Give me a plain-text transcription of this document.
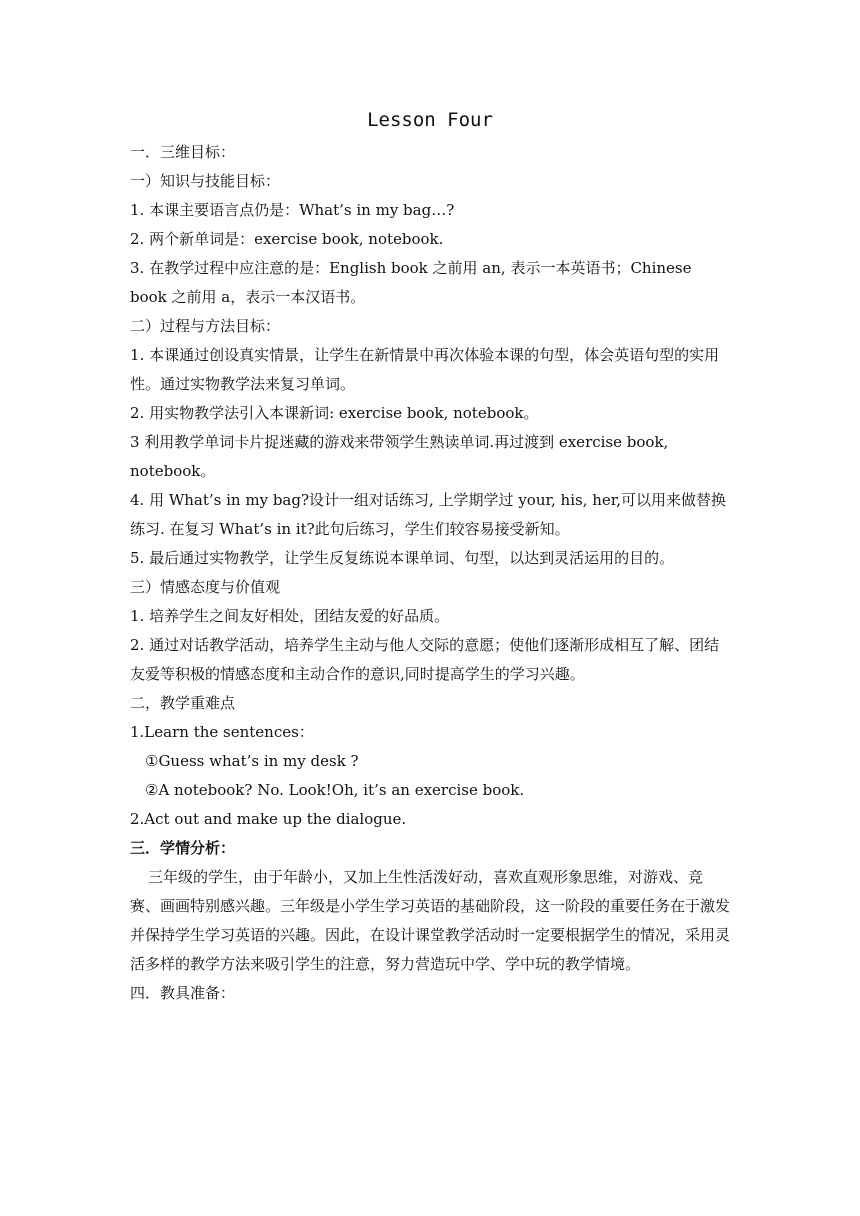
Lesson Four

一．三维目标：

一）知识与技能目标：

1. 本课主要语言点仍是：What’s in my bag…?

2. 两个新单词是：exercise book, notebook.

3. 在教学过程中应注意的是：English book 之前用 an, 表示一本英语书；Chinese book 之前用 a，表示一本汉语书。

二）过程与方法目标：

1. 本课通过创设真实情景，让学生在新情景中再次体验本课的句型，体会英语句型的实用性。通过实物教学法来复习单词。

2. 用实物教学法引入本课新词: exercise book, notebook。

3 利用教学单词卡片捉迷藏的游戏来带领学生熟读单词.再过渡到 exercise book, notebook。

4. 用 What’s in my bag?设计一组对话练习, 上学期学过 your, his, her,可以用来做替换练习. 在复习 What’s in it?此句后练习，学生们较容易接受新知。

5. 最后通过实物教学，让学生反复练说本课单词、句型，以达到灵活运用的目的。

三）情感态度与价值观

1. 培养学生之间友好相处，团结友爱的好品质。

2. 通过对话教学活动，培养学生主动与他人交际的意愿；使他们逐渐形成相互了解、团结友爱等积极的情感态度和主动合作的意识,同时提高学生的学习兴趣。

二，教学重难点

1.Learn the sentences：

①Guess what’s in my desk ?

②A notebook? No. Look!Oh, it’s an exercise book.

2.Act out and make up the dialogue.

三．学情分析：

三年级的学生，由于年龄小，又加上生性活泼好动，喜欢直观形象思维，对游戏、竞赛、画画特别感兴趣。三年级是小学生学习英语的基础阶段，这一阶段的重要任务在于激发并保持学生学习英语的兴趣。因此，在设计课堂教学活动时一定要根据学生的情况，采用灵活多样的教学方法来吸引学生的注意，努力营造玩中学、学中玩的教学情境。

四．教具准备：
